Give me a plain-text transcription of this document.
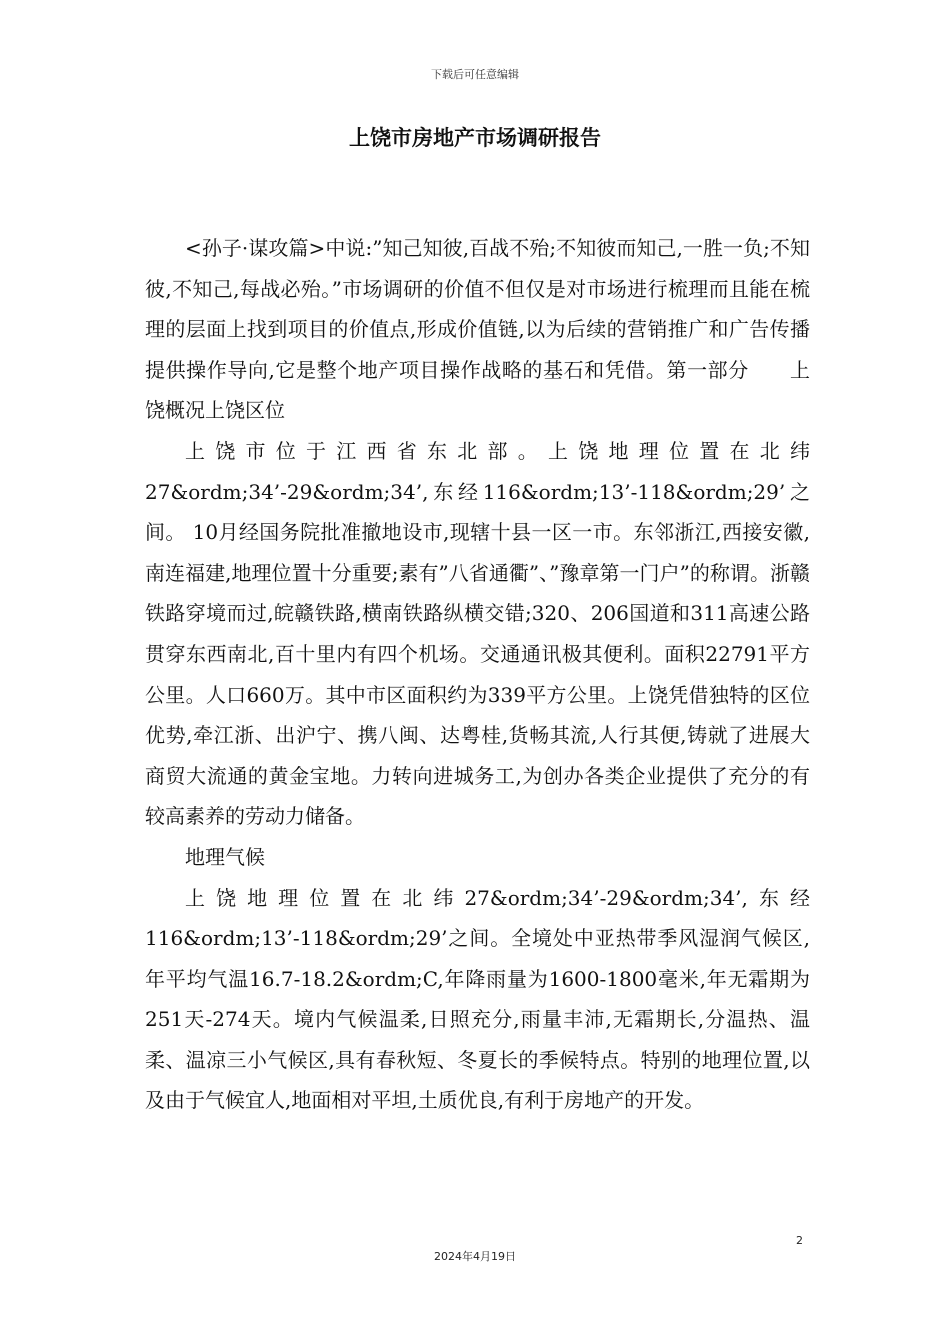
下载后可任意编辑
上饶市房地产市场调研报告

<孙子·谋攻篇>中说:”知己知彼,百战不殆;不知彼而知己,一胜一负;不知彼,不知己,每战必殆。”市场调研的价值不但仅是对市场进行梳理而且能在梳理的层面上找到项目的价值点,形成价值链,以为后续的营销推广和广告传播提供操作导向,它是整个地产项目操作战略的基石和凭借。第一部分　　上饶概况上饶区位

上饶市位于江西省东北部。上饶地理位置在北纬27&ordm;34’-29&ordm;34’,东经116&ordm;13’-118&ordm;29’之间。 10月经国务院批准撤地设市,现辖十县一区一市。东邻浙江,西接安徽,南连福建,地理位置十分重要;素有”八省通衢”、”豫章第一门户”的称谓。浙赣铁路穿境而过,皖赣铁路,横南铁路纵横交错;320、206国道和311高速公路贯穿东西南北,百十里内有四个机场。交通通讯极其便利。面积22791平方公里。人口660万。其中市区面积约为339平方公里。上饶凭借独特的区位优势,牵江浙、出沪宁、携八闽、达粤桂,货畅其流,人行其便,铸就了进展大商贸大流通的黄金宝地。力转向进城务工,为创办各类企业提供了充分的有较高素养的劳动力储备。

地理气候

上饶地理位置在北纬27&ordm;34’-29&ordm;34’,东经116&ordm;13’-118&ordm;29’之间。全境处中亚热带季风湿润气候区,年平均气温16.7-18.2&ordm;C,年降雨量为1600-1800毫米,年无霜期为251天-274天。境内气候温柔,日照充分,雨量丰沛,无霜期长,分温热、温柔、温凉三小气候区,具有春秋短、冬夏长的季候特点。特别的地理位置,以及由于气候宜人,地面相对平坦,土质优良,有利于房地产的开发。

2
2024年4月19日
